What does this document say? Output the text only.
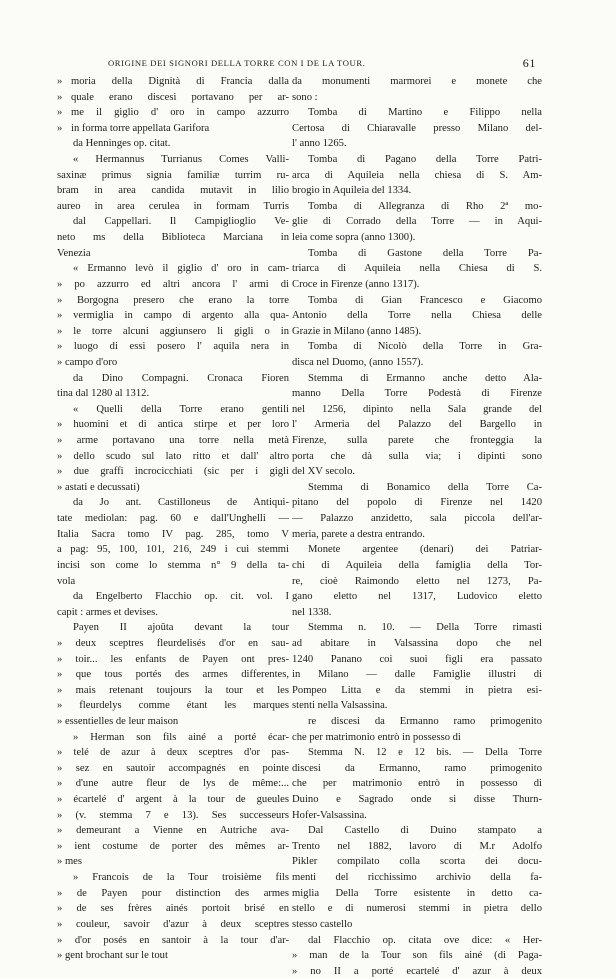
ORIGINE DEI SIGNORI DELLA TORRE CON I DE LA TOUR.	61
» moria della Dignità di Francia dalla
» quale erano discesi portavano per ar-
» me il giglio d' oro in campo azzurro
» in forma torre appellata Garifora
da Henninges op. citat.
« Hermannus Turrianus Comes Valli-
saxinæ primus signia familiæ turrim ru-
bram in area candida mutavit in lilio
aureo in area cerulea in formam Turris
dal Cappellari. Il Campiglioglio Ve-
neto ms della Biblioteca Marciana in
Venezia
« Ermanno levò il giglio d' oro in cam-
» po azzurro ed altri ancora l' armi di
» Borgogna presero che erano la torre
» vermiglia in campo di argento alla qua-
» le torre alcuni aggiunsero li gigli o in
» luogo di essi posero l' aquila nera in
» campo d'oro
da Dino Compagni. Cronaca Fioren
tina dal 1280 al 1312.
« Quelli della Torre erano gentili
» huomini et di antica stirpe et per loro
» arme portavano una torre nella metà
» dello scudo sul lato ritto et dall' altro
» due graffi incrocicchiati (sic per i gigli
» astati e decussati)
da Jo ant. Castilloneus de Antiqui-
tate mediolan: pag. 60 e dall'Unghelli —
Italia Sacra tomo IV pag. 285, tomo V
a pag: 95, 100, 101, 216, 249 i cui stemmi
incisi son come lo stemma n° 9 della ta-
vola
da Engelberto Flacchio op. cit. vol. I
capit : armes et devises.
Payen II ajoûta devant la tour
» deux sceptres fleurdelisés d'or en sau-
» toir... les enfants de Payen ont pres-
» que tous portés des armes differentes,
» mais retenant toujours la tour et les
» fleurdelys comme étant les marques
» essentielles de leur maison
» Herman son fils ainé a porté écar-
» telé de azur à deux sceptres d'or pas-
» sez en sautoir accompagnés en pointe
» d'une autre fleur de lys de même:...
» écartelé d' argent à la tour de gueules
» (v. stemma 7 e 13). Ses successeurs
» demeurant a Vienne en Autriche ava-
» ient costume de porter des mêmes ar-
» mes
» Francois de la Tour troisième fils
» de Payen pour distinction des armes
» de ses frères ainés portoit brisé en
» couleur, savoir d'azur à deux sceptres
» d'or posés en santoir à la tour d'ar-
» gent brochant sur le tout
da monumenti marmorei e monete che
sono :
Tomba di Martino e Filippo nella
Certosa di Chiaravalle presso Milano del-
l' anno 1265.
Tomba di Pagano della Torre Patri-
arca di Aquileia nella chiesa di S. Am-
brogio in Aquileia del 1334.
Tomba di Allegranza di Rho 2ª mo-
glie di Corrado della Torre — in Aqui-
leia come sopra (anno 1300).
Tomba di Gastone della Torre Pa-
triarca di Aquileia nella Chiesa di S.
Croce in Firenze (anno 1317).
Tomba di Gian Francesco e Giacomo
Antonio della Torre nella Chiesa delle
Grazie in Milano (anno 1485).
Tomba di Nicolò della Torre in Gra-
disca nel Duomo, (anno 1557).
Stemma di Ermanno anche detto Ala-
manno Della Torre Podestà di Firenze
nel 1256, dipinto nella Sala grande del
l' Armeria del Palazzo del Bargello in
Firenze, sulla parete che fronteggia la
porta che dà sulla via; i dipinti sono
del XV secolo.
Stemma di Bonamico della Torre Ca-
pitano del popolo di Firenze nel 1420
— Palazzo anzidetto, sala piccola dell'ar-
meria, parete a destra entrando.
Monete argentee (denari) dei Patriar-
chi di Aquileia della famiglia della Tor-
re, cioè Raimondo eletto nel 1273, Pa-
gano eletto nel 1317, Ludovico eletto
nel 1338.
Stemma n. 10. — Della Torre rimasti
ad abitare in Valsassina dopo che nel
1240 Panano coi suoi figli era passato
in Milano — dalle Famiglie illustri di
Pompeo Litta e da stemmi in pietra esi-
stenti nella Valsassina.
re discesi da Ermanno ramo primogenito
che per matrimonio entrò in possesso di
Stemma N. 12 e 12 bis. — Della Torre
discesi da Ermanno, ramo primogenito
che per matrimonio entrò in possesso di
Duino e Sagrado onde si disse Thurn-
Hofer-Valsassina.
Dal Castello di Duino stampato a
Trento nel 1882, lavoro di M.r Adolfo
Pikler compilato colla scorta dei docu-
menti del ricchissimo archivio della fa-
miglia Della Torre esistente in detto ca-
stello e di numerosi stemmi in pietra dello
stesso castello
dal Flacchio op. citata ove dice: « Her-
» man de la Tour son fils ainé (di Paga-
» no II a porté ecartelé d' azur à deux
